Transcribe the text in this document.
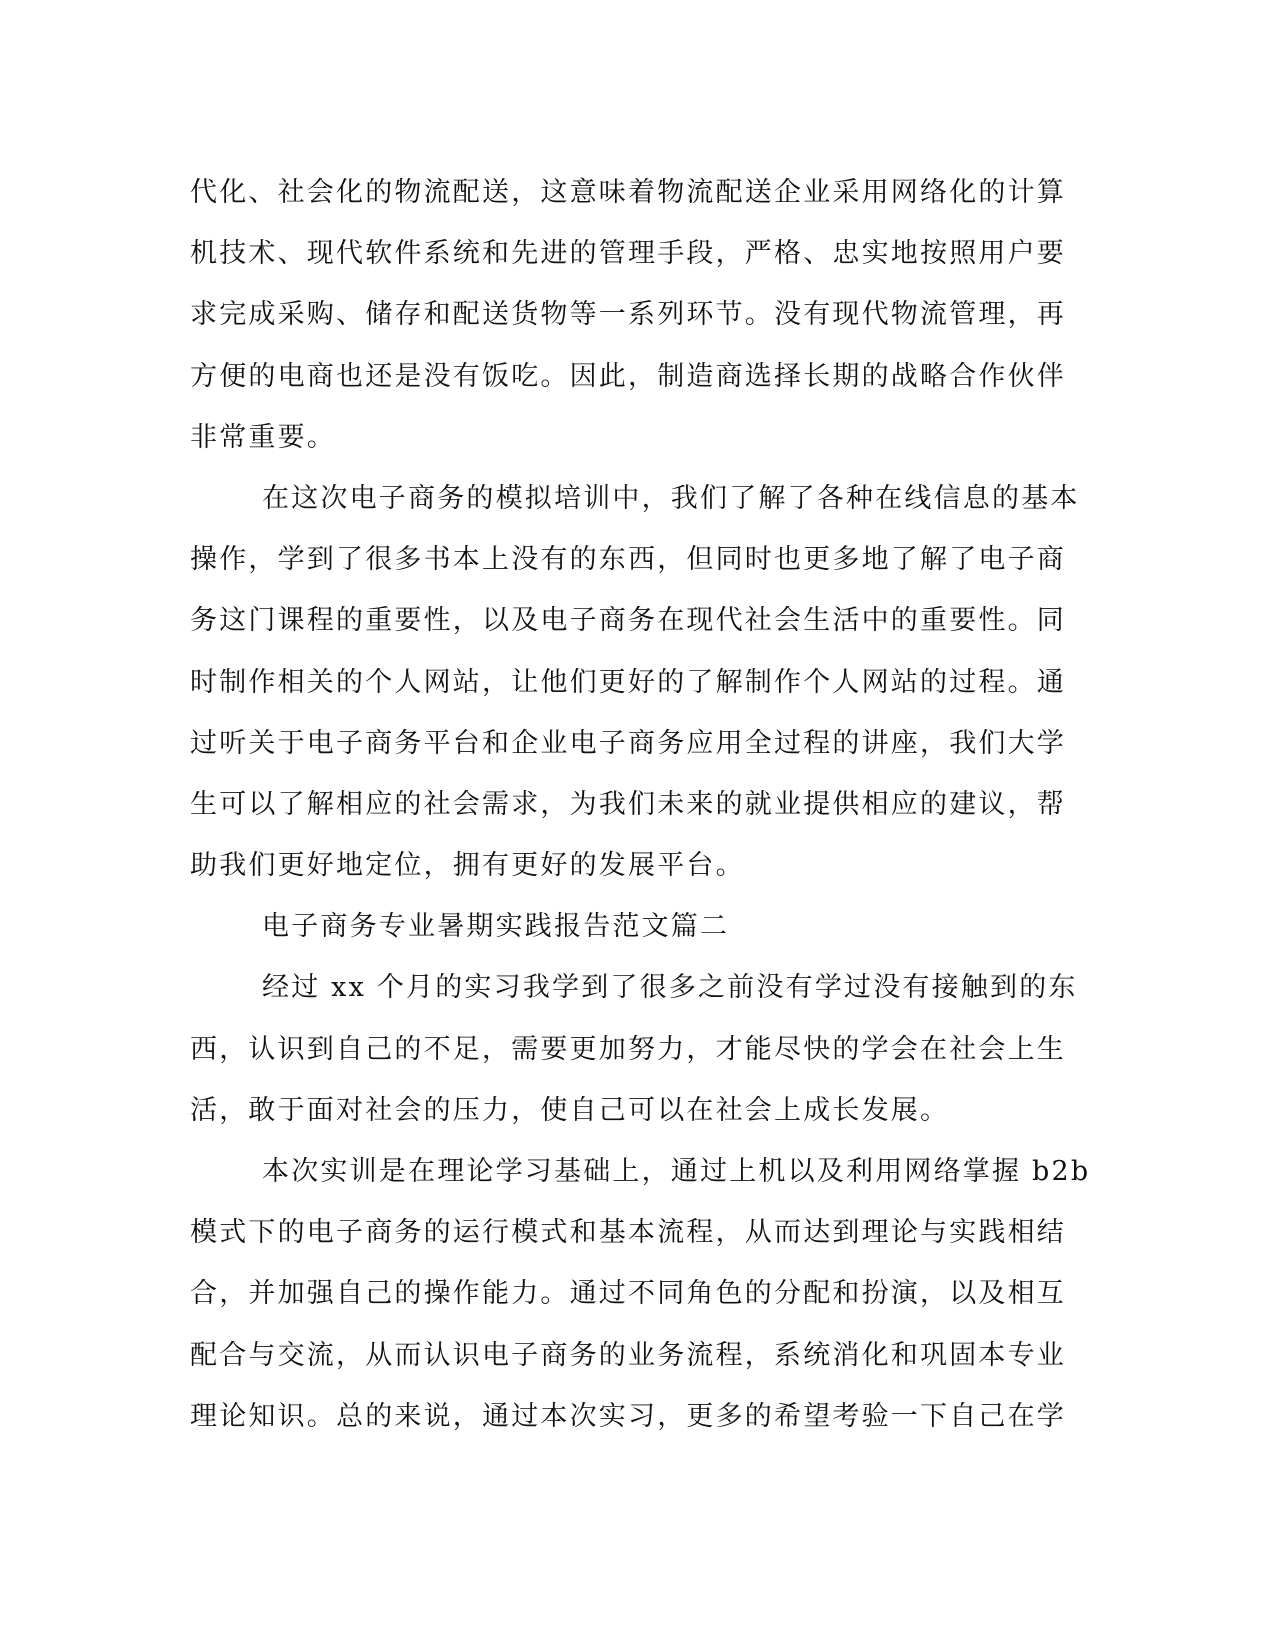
代化、社会化的物流配送，这意味着物流配送企业采用网络化的计算
机技术、现代软件系统和先进的管理手段，严格、忠实地按照用户要
求完成采购、储存和配送货物等一系列环节。没有现代物流管理，再
方便的电商也还是没有饭吃。因此，制造商选择长期的战略合作伙伴
非常重要。
在这次电子商务的模拟培训中，我们了解了各种在线信息的基本
操作，学到了很多书本上没有的东西，但同时也更多地了解了电子商
务这门课程的重要性，以及电子商务在现代社会生活中的重要性。同
时制作相关的个人网站，让他们更好的了解制作个人网站的过程。通
过听关于电子商务平台和企业电子商务应用全过程的讲座，我们大学
生可以了解相应的社会需求，为我们未来的就业提供相应的建议，帮
助我们更好地定位，拥有更好的发展平台。
电子商务专业暑期实践报告范文篇二
经过 xx 个月的实习我学到了很多之前没有学过没有接触到的东
西，认识到自己的不足，需要更加努力，才能尽快的学会在社会上生
活，敢于面对社会的压力，使自己可以在社会上成长发展。
本次实训是在理论学习基础上，通过上机以及利用网络掌握 b2b
模式下的电子商务的运行模式和基本流程，从而达到理论与实践相结
合，并加强自己的操作能力。通过不同角色的分配和扮演，以及相互
配合与交流，从而认识电子商务的业务流程，系统消化和巩固本专业
理论知识。总的来说，通过本次实习，更多的希望考验一下自己在学
